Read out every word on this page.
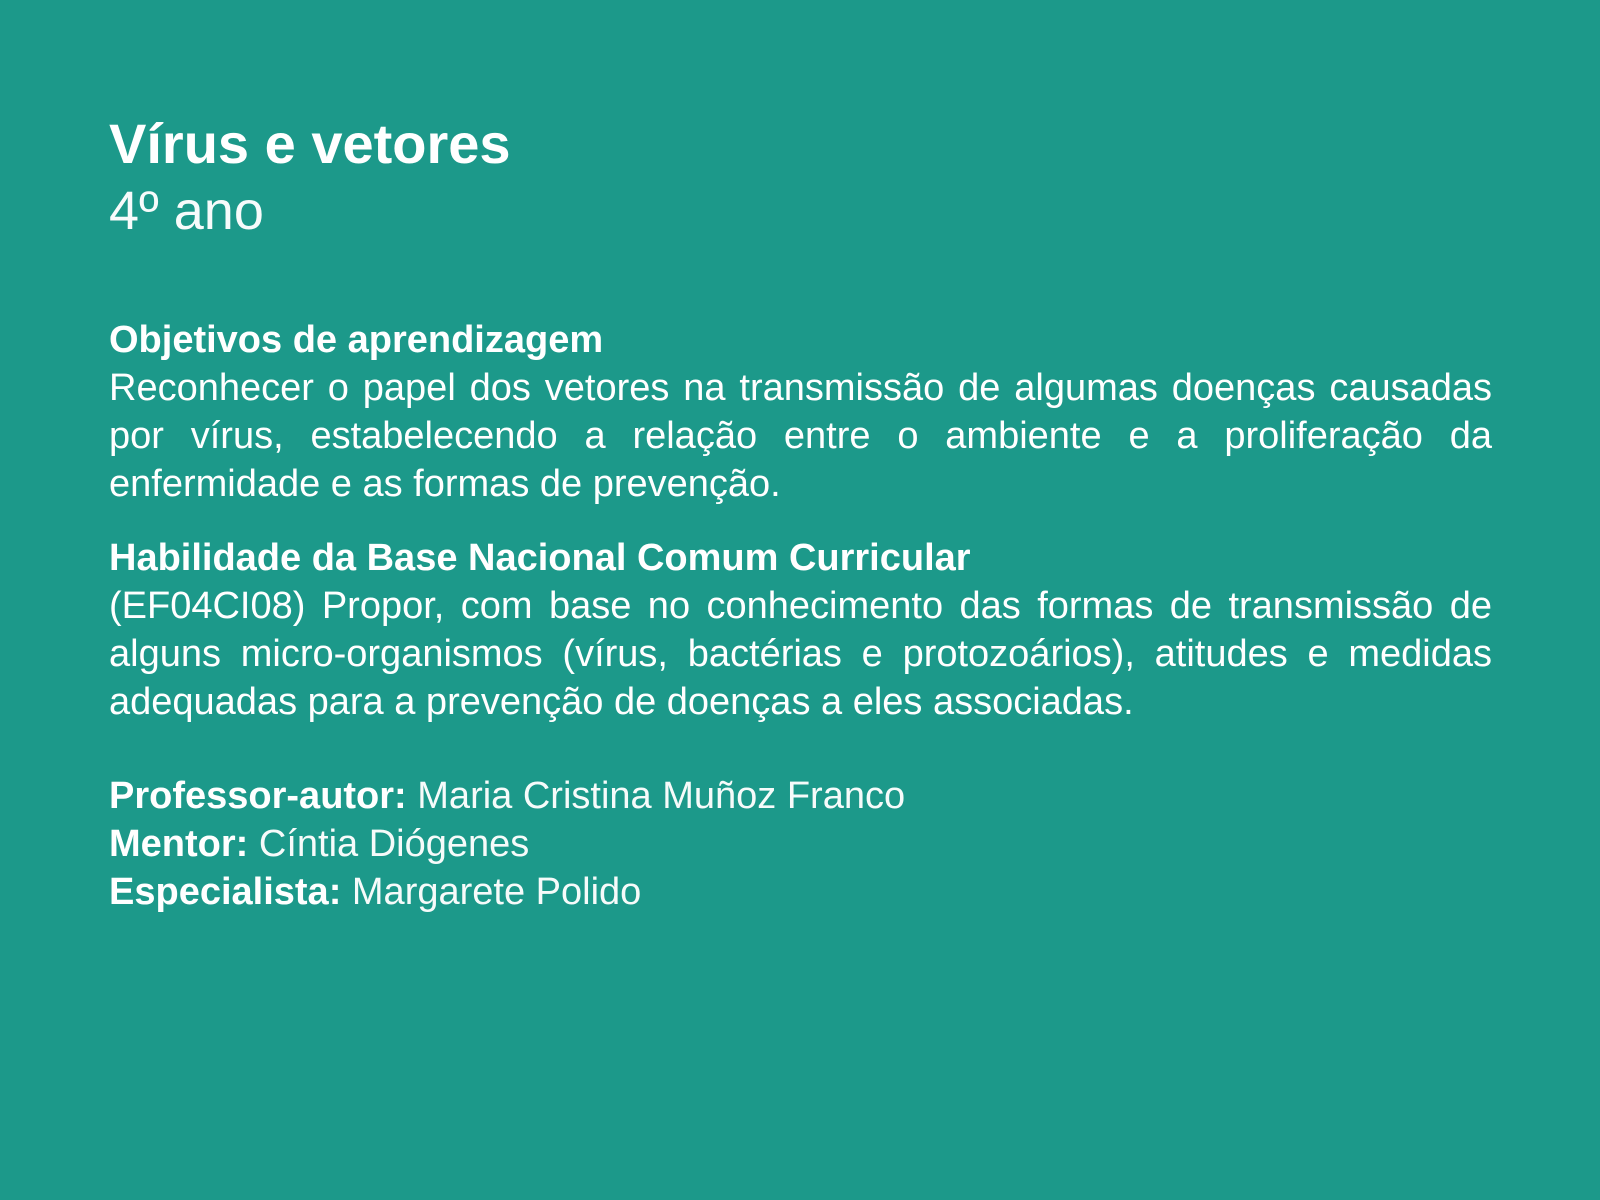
Vírus e vetores
4º ano
Objetivos de aprendizagem

Reconhecer o papel dos vetores na transmissão de algumas doenças causadas por vírus, estabelecendo a relação entre o ambiente e a proliferação da enfermidade e as formas de prevenção.

Habilidade da Base Nacional Comum Curricular

(EF04CI08) Propor, com base no conhecimento das formas de transmissão de alguns micro-organismos (vírus, bactérias e protozoários), atitudes e medidas adequadas para a prevenção de doenças a eles associadas.

Professor-autor: Maria Cristina Muñoz Franco
Mentor: Cíntia Diógenes
Especialista: Margarete Polido
